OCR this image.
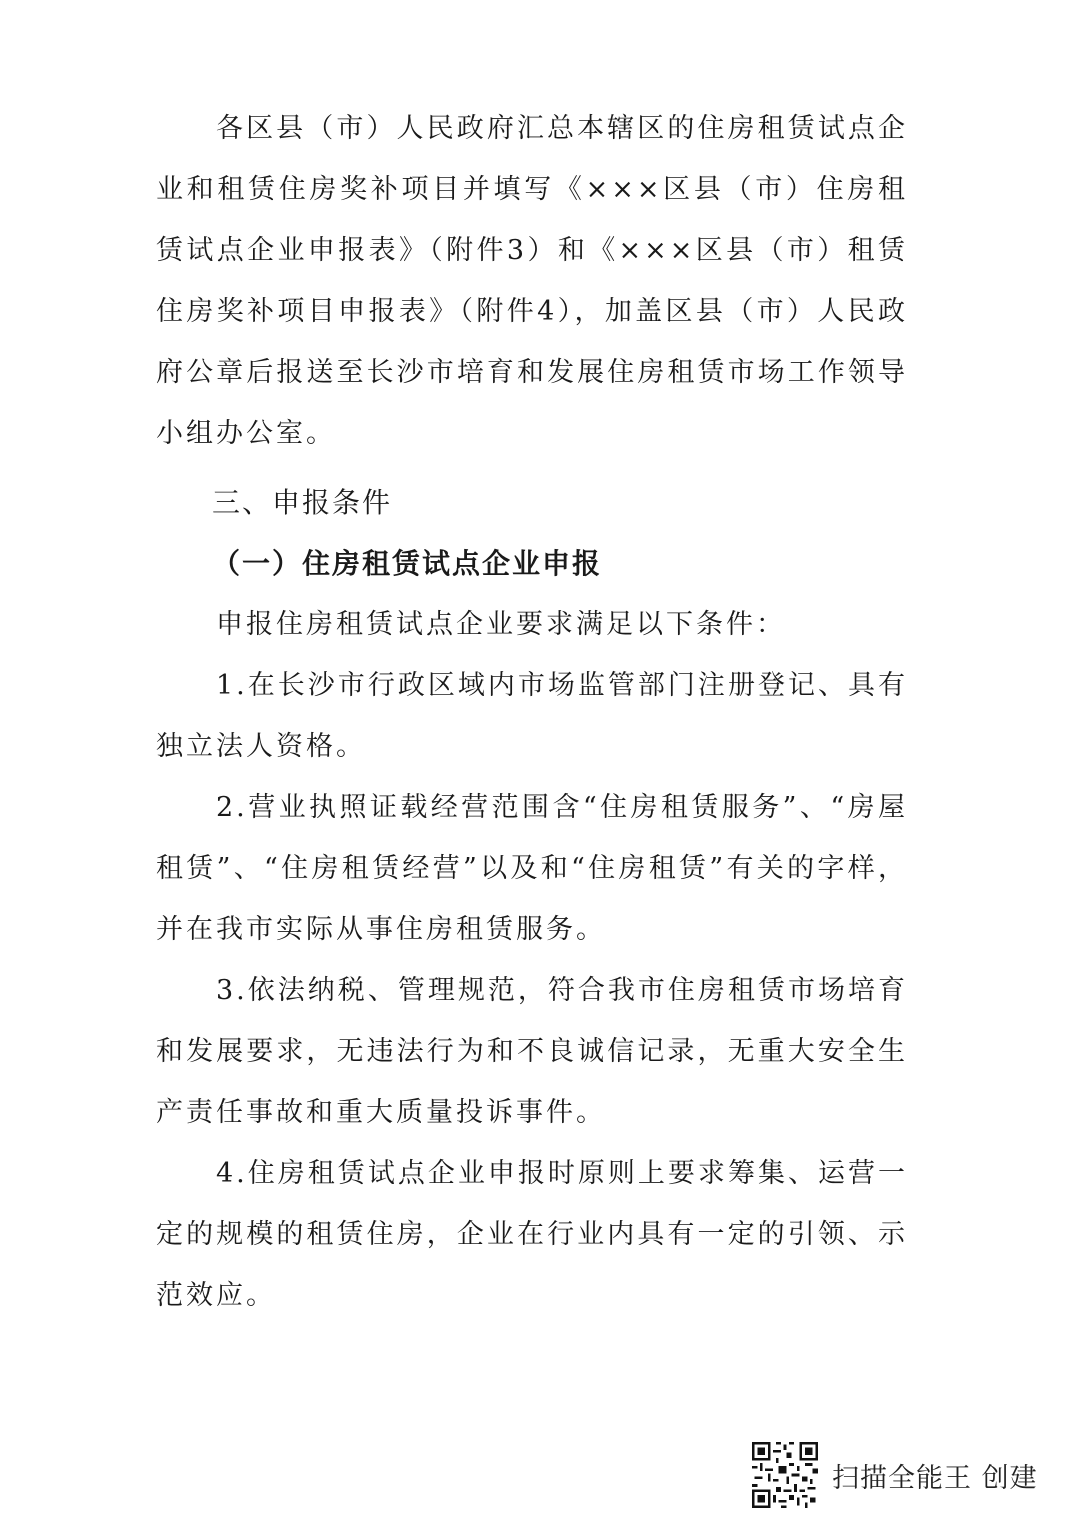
各区县（市）人民政府汇总本辖区的住房租赁试点企业和租赁住房奖补项目并填写《×××区县（市）住房租赁试点企业申报表》（附件3）和《×××区县（市）租赁住房奖补项目申报表》（附件4），加盖区县（市）人民政府公章后报送至长沙市培育和发展住房租赁市场工作领导小组办公室。

三、申报条件

（一）住房租赁试点企业申报

申报住房租赁试点企业要求满足以下条件：

1.在长沙市行政区域内市场监管部门注册登记、具有独立法人资格。

2.营业执照证载经营范围含“住房租赁服务”、“房屋租赁”、“住房租赁经营”以及和“住房租赁”有关的字样，并在我市实际从事住房租赁服务。

3.依法纳税、管理规范，符合我市住房租赁市场培育和发展要求，无违法行为和不良诚信记录，无重大安全生产责任事故和重大质量投诉事件。

4.住房租赁试点企业申报时原则上要求筹集、运营一定的规模的租赁住房，企业在行业内具有一定的引领、示范效应。

扫描全能王 创建
